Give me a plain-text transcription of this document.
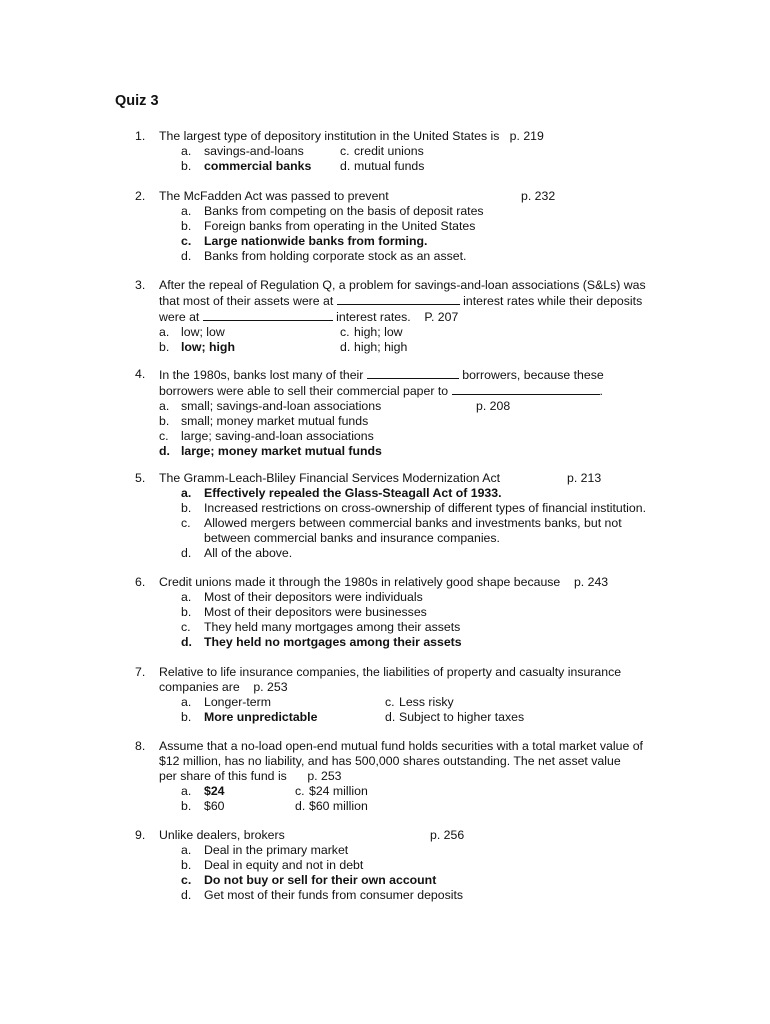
Quiz 3
1. The largest type of depository institution in the United States is p. 219
a. savings-and-loans	c. credit unions
b. commercial banks d. mutual funds
2. The McFadden Act was passed to prevent	p. 232
a. Banks from competing on the basis of deposit rates
b. Foreign banks from operating in the United States
c. Large nationwide banks from forming.
d. Banks from holding corporate stock as an asset.
3. After the repeal of Regulation Q, a problem for savings-and-loan associations (S&Ls) was
that most of their assets were at	interest rates while their deposits
were at	interest rates. P. 207
a. low; low	c. high; low
b. low; high	d. high; high
4. In the 1980s, banks lost many of their	borrowers, because these
borrowers were able to sell their commercial paper to	.
a. small; savings-and-loan associations	p. 208
b. small; money market mutual funds
c. large; saving-and-loan associations
d. large; money market mutual funds
5. The Gramm-Leach-Bliley Financial Services Modernization Act	p. 213
a. Effectively repealed the Glass-Steagall Act of 1933.
b. Increased restrictions on cross-ownership of different types of financial institution.
c. Allowed mergers between commercial banks and investments banks, but not
between commercial banks and insurance companies.
d. All of the above.
6. Credit unions made it through the 1980s in relatively good shape because p. 243
a. Most of their depositors were individuals
b. Most of their depositors were businesses
c. They held many mortgages among their assets
d. They held no mortgages among their assets
7. Relative to life insurance companies, the liabilities of property and casualty insurance
companies are p. 253
a. Longer-term	c. Less risky
b. More unpredictable	d. Subject to higher taxes
8. Assume that a no-load open-end mutual fund holds securities with a total market value of
$12 million, has no liability, and has 500,000 shares outstanding. The net asset value
per share of this fund is p. 253
a. $24	c. $24 million
b. $60	d. $60 million
9. Unlike dealers, brokers	p. 256
a. Deal in the primary market
b. Deal in equity and not in debt
c. Do not buy or sell for their own account
d. Get most of their funds from consumer deposits
